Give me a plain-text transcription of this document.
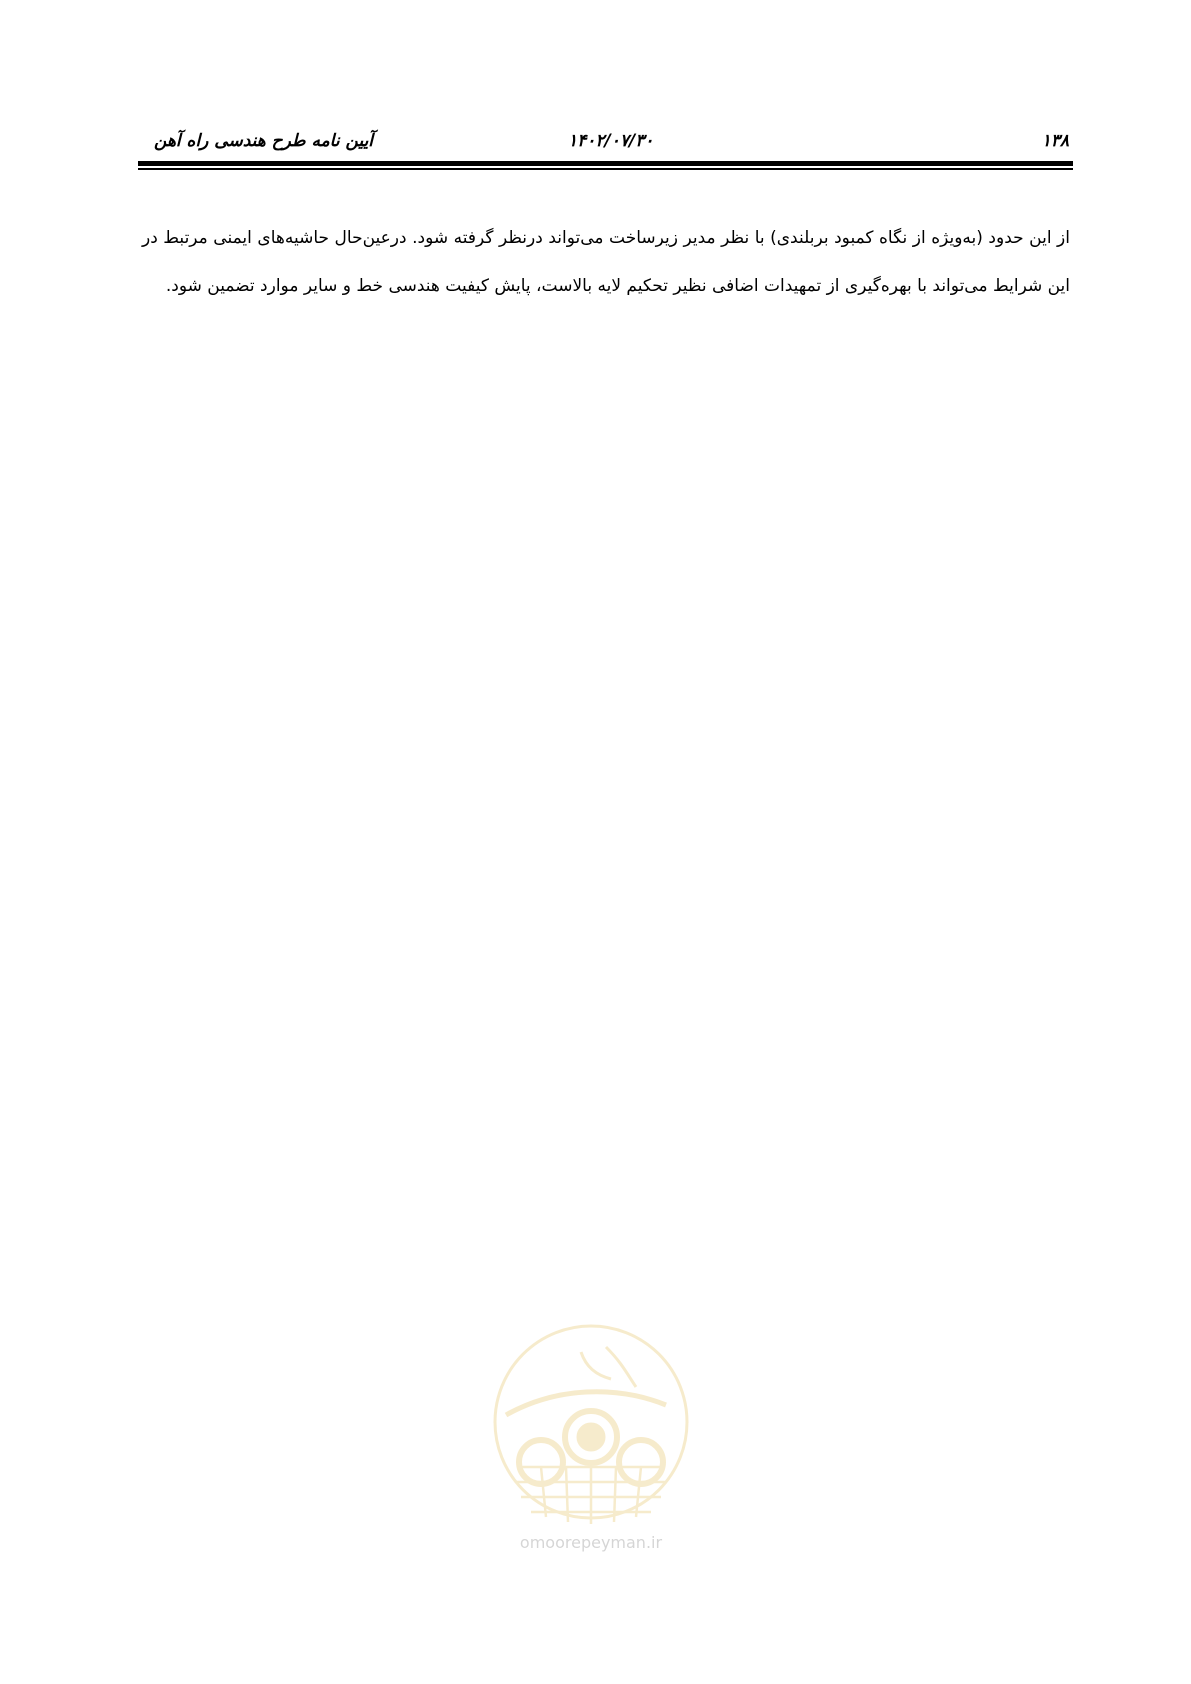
۱۳۸
۱۴۰۲/۰۷/۳۰
آیین نامه طرح هندسی راه آهن
از این حدود (به‌ویژه از نگاه کمبود بربلندی) با نظر مدیر زیرساخت می‌تواند درنظر گرفته شود. درعین‌حال حاشیه‌های ایمنی مرتبط در این شرایط می‌تواند با بهره‌گیری از تمهیدات اضافی نظیر تحکیم لایه بالاست، پایش کیفیت هندسی خط و سایر موارد تضمین شود.
omoorepeyman.ir
